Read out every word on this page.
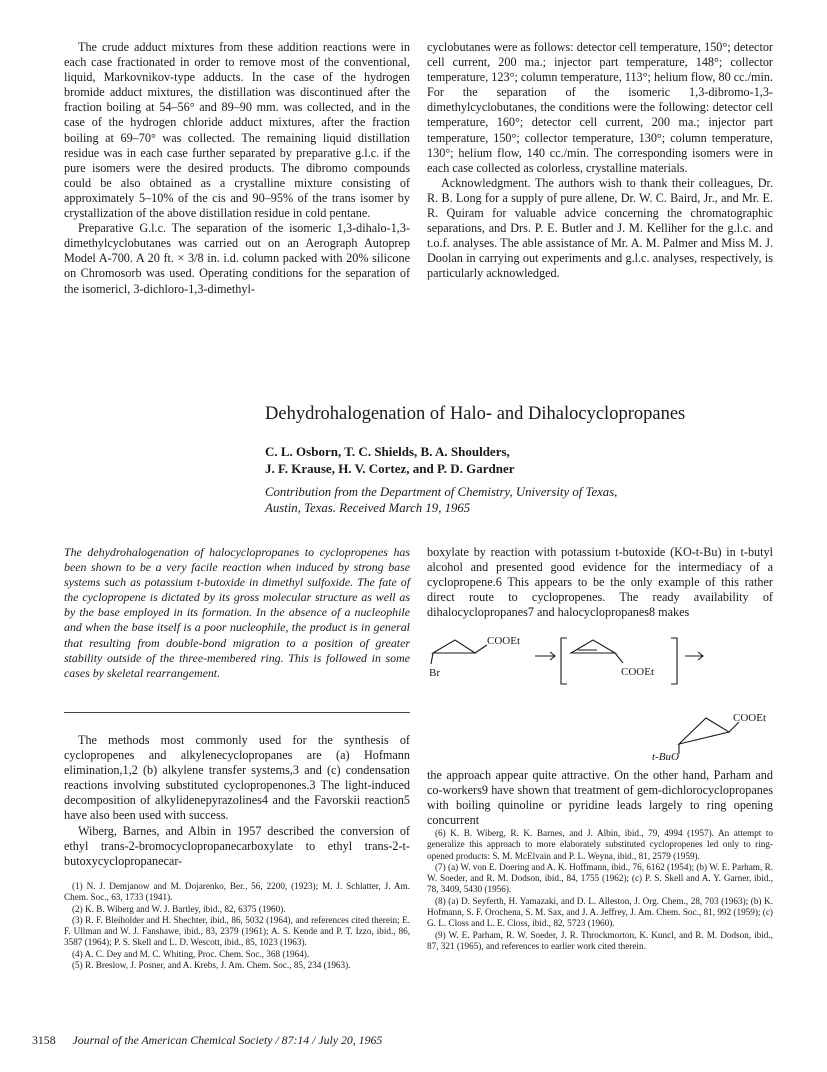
The crude adduct mixtures from these addition reactions were in each case fractionated in order to remove most of the conventional, liquid, Markovnikov-type adducts. In the case of the hydrogen bromide adduct mixtures, the distillation was discontinued after the fraction boiling at 54–56° and 89–90 mm. was collected, and in the case of the hydrogen chloride adduct mixtures, after the fraction boiling at 69–70° was collected. The remaining liquid distillation residue was in each case further separated by preparative g.l.c. if the pure isomers were the desired products. The dibromo compounds could be also obtained as a crystalline mixture consisting of approximately 5–10% of the cis and 90–95% of the trans isomer by crystallization of the above distillation residue in cold pentane.

Preparative G.l.c. The separation of the isomeric 1,3-dihalo-1,3-dimethylcyclobutanes was carried out on an Aerograph Autoprep Model A-700. A 20 ft. × 3/8 in. i.d. column packed with 20% silicone on Chromosorb was used. Operating conditions for the separation of the isomericl, 3-dichloro-1,3-dimethyl-

cyclobutanes were as follows: detector cell temperature, 150°; detector cell current, 200 ma.; injector part temperature, 148°; collector temperature, 123°; column temperature, 113°; helium flow, 80 cc./min. For the separation of the isomeric 1,3-dibromo-1,3-dimethylcyclobutanes, the conditions were the following: detector cell temperature, 160°; detector cell current, 200 ma.; injector part temperature, 150°; collector temperature, 130°; column temperature, 130°; helium flow, 140 cc./min. The corresponding isomers were in each case collected as colorless, crystalline materials.

Acknowledgment. The authors wish to thank their colleagues, Dr. R. B. Long for a supply of pure allene, Dr. W. C. Baird, Jr., and Mr. E. R. Quiram for valuable advice concerning the chromatographic separations, and Drs. P. E. Butler and J. M. Kelliher for the g.l.c. and t.o.f. analyses. The able assistance of Mr. A. M. Palmer and Miss M. J. Doolan in carrying out experiments and g.l.c. analyses, respectively, is particularly acknowledged.

Dehydrohalogenation of Halo- and Dihalocyclopropanes
C. L. Osborn, T. C. Shields, B. A. Shoulders,
J. F. Krause, H. V. Cortez, and P. D. Gardner
Contribution from the Department of Chemistry, University of Texas,
Austin, Texas. Received March 19, 1965
The dehydrohalogenation of halocyclopropanes to cyclopropenes has been shown to be a very facile reaction when induced by strong base systems such as potassium t-butoxide in dimethyl sulfoxide. The fate of the cyclopropene is dictated by its gross molecular structure as well as by the base employed in its formation. In the absence of a nucleophile and when the base itself is a poor nucleophile, the product is in general that resulting from double-bond migration to a position of greater stability outside of the three-membered ring. This is followed in some cases by skeletal rearrangement.

The methods most commonly used for the synthesis of cyclopropenes and alkylenecyclopropanes are (a) Hofmann elimination,1,2 (b) alkylene transfer systems,3 and (c) condensation reactions involving substituted cyclopropenones.3 The light-induced decomposition of alkylidenepyrazolines4 and the Favorskii reaction5 have also been used with success.

Wiberg, Barnes, and Albin in 1957 described the conversion of ethyl trans-2-bromocyclopropanecarboxylate to ethyl trans-2-t-butoxycyclopropanecar-

boxylate by reaction with potassium t-butoxide (KO-t-Bu) in t-butyl alcohol and presented good evidence for the intermediacy of a cyclopropene.6 This appears to be the only example of this rather direct route to cyclopropenes. The ready availability of dihalocyclopropanes7 and halocyclopropanes8 makes

COOEt
Br	COOEt
COOEt
t-BuO

the approach appear quite attractive. On the other hand, Parham and co-workers9 have shown that treatment of gem-dichlorocyclopropanes with boiling quinoline or pyridine leads largely to ring opening concurrent

(1) N. J. Demjanow and M. Dojarenko, Ber., 56, 2200, (1923); M. J. Schlatter, J. Am. Chem. Soc., 63, 1733 (1941).

(2) K. B. Wiberg and W. J. Bartley, ibid., 82, 6375 (1960).

(3) R. F. Bleiholder and H. Shechter, ibid., 86, 5032 (1964), and references cited therein; E. F. Ullman and W. J. Fanshawe, ibid., 83, 2379 (1961); A. S. Kende and P. T. Izzo, ibid., 86, 3587 (1964); P. S. Skell and L. D. Wescott, ibid., 85, 1023 (1963).

(4) A. C. Dey and M. C. Whiting, Proc. Chem. Soc., 368 (1964).

(5) R. Breslow, J. Posner, and A. Krebs, J. Am. Chem. Soc., 85, 234 (1963).

(6) K. B. Wiberg, R. K. Barnes, and J. Albin, ibid., 79, 4994 (1957). An attempt to generalize this approach to more elaborately substituted cyclopropenes led only to ring-opened products: S. M. McElvain and P. L. Weyna, ibid., 81, 2579 (1959).

(7) (a) W. von E. Doering and A. K. Hoffmann, ibid., 76, 6162 (1954); (b) W. E. Parham, R. W. Soeder, and R. M. Dodson, ibid., 84, 1755 (1962); (c) P. S. Skell and A. Y. Garner, ibid., 78, 3409, 5430 (1956).

(8) (a) D. Seyferth, H. Yamazaki, and D. L. Alleston, J. Org. Chem., 28, 703 (1963); (b) K. Hofmann, S. F. Orochena, S. M. Sax, and J. A. Jeffrey, J. Am. Chem. Soc., 81, 992 (1959); (c) G. L. Closs and L. E. Closs, ibid., 82, 5723 (1960).

(9) W. E. Parham, R. W. Soeder, J. R. Throckmorton, K. Kuncl, and R. M. Dodson, ibid., 87, 321 (1965), and references to earlier work cited therein.

3158 Journal of the American Chemical Society / 87:14 / July 20, 1965
